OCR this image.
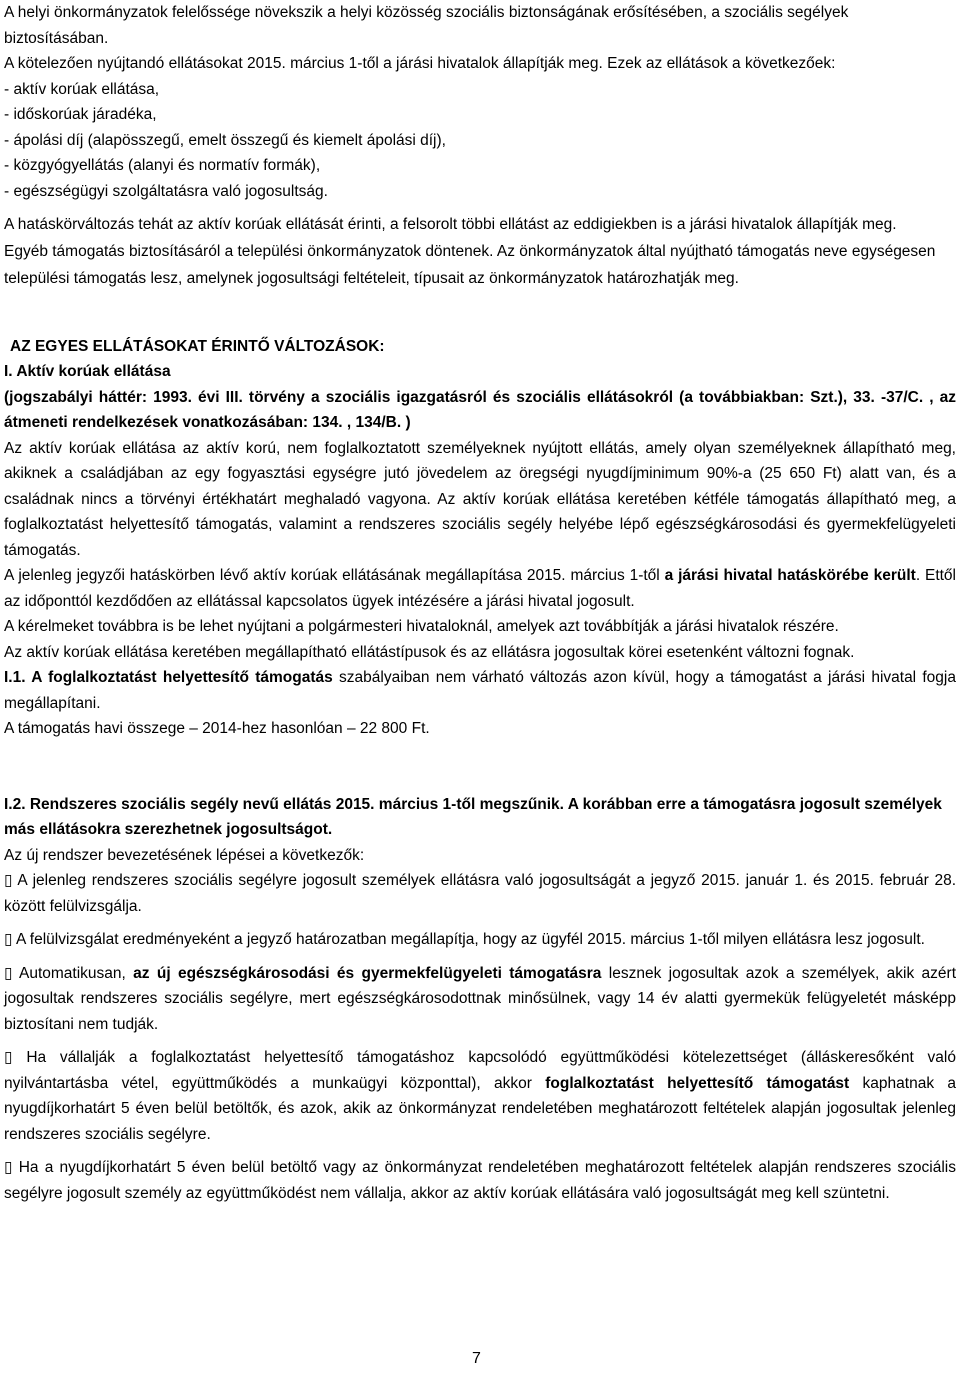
A helyi önkormányzatok felelőssége növekszik a helyi közösség szociális biztonságának erősítésében, a szociális segélyek biztosításában.

A kötelezően nyújtandó ellátásokat 2015. március 1-től a járási hivatalok állapítják meg. Ezek az ellátások a következőek:

- aktív korúak ellátása,

- időskorúak járadéka,

- ápolási díj (alapösszegű, emelt összegű és kiemelt ápolási díj),

- közgyógyellátás (alanyi és normatív formák),

- egészségügyi szolgáltatásra való jogosultság.

A hatáskörváltozás tehát az aktív korúak ellátását érinti, a felsorolt többi ellátást az eddigiekben is a járási hivatalok állapítják meg.

Egyéb támogatás biztosításáról a települési önkormányzatok döntenek. Az önkormányzatok által nyújtható támogatás neve egységesen települési támogatás lesz, amelynek jogosultsági feltételeit, típusait az önkormányzatok határozhatják meg.

AZ EGYES ELLÁTÁSOKAT ÉRINTŐ VÁLTOZÁSOK:

I. Aktív korúak ellátása

(jogszabályi háttér: 1993. évi III. törvény a szociális igazgatásról és szociális ellátásokról (a továbbiakban: Szt.), 33. -37/C. , az átmeneti rendelkezések vonatkozásában: 134. , 134/B. )

Az aktív korúak ellátása az aktív korú, nem foglalkoztatott személyeknek nyújtott ellátás, amely olyan személyeknek állapítható meg, akiknek a családjában az egy fogyasztási egységre jutó jövedelem az öregségi nyugdíjminimum 90%-a (25 650 Ft) alatt van, és a családnak nincs a törvényi értékhatárt meghaladó vagyona. Az aktív korúak ellátása keretében kétféle támogatás állapítható meg, a foglalkoztatást helyettesítő támogatás, valamint a rendszeres szociális segély helyébe lépő egészségkárosodási és gyermekfelügyeleti támogatás.

A jelenleg jegyzői hatáskörben lévő aktív korúak ellátásának megállapítása 2015. március 1-től a járási hivatal hatáskörébe került. Ettől az időponttól kezdődően az ellátással kapcsolatos ügyek intézésére a járási hivatal jogosult.

A kérelmeket továbbra is be lehet nyújtani a polgármesteri hivataloknál, amelyek azt továbbítják a járási hivatalok részére.

Az aktív korúak ellátása keretében megállapítható ellátástípusok és az ellátásra jogosultak körei esetenként változni fognak.

I.1. A foglalkoztatást helyettesítő támogatás szabályaiban nem várható változás azon kívül, hogy a támogatást a járási hivatal fogja megállapítani.

A támogatás havi összege – 2014-hez hasonlóan – 22 800 Ft.

I.2. Rendszeres szociális segély nevű ellátás 2015. március 1-től megszűnik. A korábban erre a támogatásra jogosult személyek más ellátásokra szerezhetnek jogosultságot.

Az új rendszer bevezetésének lépései a következők:

▯ A jelenleg rendszeres szociális segélyre jogosult személyek ellátásra való jogosultságát a jegyző 2015. január 1. és 2015. február 28. között felülvizsgálja.

▯ A felülvizsgálat eredményeként a jegyző határozatban megállapítja, hogy az ügyfél 2015. március 1-től milyen ellátásra lesz jogosult.

▯ Automatikusan, az új egészségkárosodási és gyermekfelügyeleti támogatásra lesznek jogosultak azok a személyek, akik azért jogosultak rendszeres szociális segélyre, mert egészségkárosodottnak minősülnek, vagy 14 év alatti gyermekük felügyeletét másképp biztosítani nem tudják.

▯ Ha vállalják a foglalkoztatást helyettesítő támogatáshoz kapcsolódó együttműködési kötelezettséget (álláskeresőként való nyilvántartásba vétel, együttműködés a munkaügyi központtal), akkor foglalkoztatást helyettesítő támogatást kaphatnak a nyugdíjkorhatárt 5 éven belül betöltők, és azok, akik az önkormányzat rendeletében meghatározott feltételek alapján jogosultak jelenleg rendszeres szociális segélyre.

▯ Ha a nyugdíjkorhatárt 5 éven belül betöltő vagy az önkormányzat rendeletében meghatározott feltételek alapján rendszeres szociális segélyre jogosult személy az együttműködést nem vállalja, akkor az aktív korúak ellátására való jogosultságát meg kell szüntetni.

7
